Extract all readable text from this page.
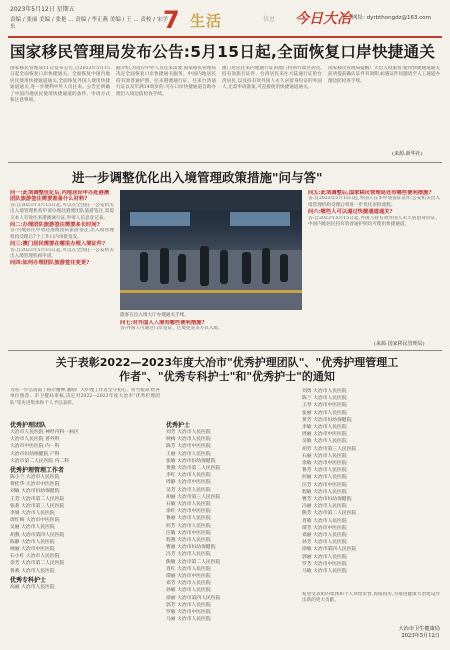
2023年5月12日 星期五
责编 / 张丽 美编 / 张艳 ... 责编 / 李正燕 美编 / 王 ... 责校 / 宋学东	7 生活	信息 今日大冶 网址: dyrbthongdz@163.com
国家移民管理局发布公告:5月15日起,全面恢复口岸快捷通关
国家移民管理局11日发布公告,自2023年5月15日起全面恢复口岸快捷通关。全面恢复中国内地居民使用快捷通道通关,全面恢复外国人使用快捷通道通关,进一步便利中外人员往来。公告还明确了中国内地居民使用快捷通道的条件、申请方式和注意事项。
据介绍,为适应中外人员往来需要,国家移民管理局决定全面恢复口岸快捷通关服务。中国内地居民持有效普通护照、往来港澳通行证、往来台湾通行证以及年满14周岁的,可在口岸快捷通道自助办理出入境边防检查手续。
澳门居民往来内地通行证的澳门特别行政区居民,持有效旅行证件、台湾居民来往大陆通行证的台湾居民,以及持有效外国人永久居留身份证的外国人,无需申请备案,可直接使用快捷通道通关。
国家移民管理局提醒广大出入境旅客,使用快捷通道通关前请提前确认证件有效期,如遇证件问题请至人工通道办理边防检查手续。
(来源:新华社)
进一步调整优化出入境管理政策措施"问与答"
问一:此项调整优化后,内地居民申办赴港澳团队旅游签注需要准备什么材料?
答:自2023年5月15日起,可以在全国任一公安机关出入境管理机构申请办理赴港澳团队旅游签注,需提交本人有效往来港澳通行证,申请人信息登记表。
问二:办理团队旅游签注需要多长时间?
答:内地居民申请赴港澳团队旅游签注,出入境管理机构受理后7个工作日内审批签发。
问三:澳门居民需要在哪里办理入境证件?
答:自2023年5月15日起,可以在全国任一公安机关出入境管理机构申请。
问四:如何办理团队旅游签注变更?
旅客在出入境大厅办理通关手续。
问七:对外国人入境有哪些便利措施?
答:外国人可通过口岸签证、过境免签等方式入境。
问五:此项调整后,国家移民管理局还有哪些便利措施?
答:自2023年5月15日起,外国人在华申请签证证件,公安机关出入境管理机构受理后将进一步优化审批流程。
问六:哪些人可以通过快捷通道通关?
答:自2023年5月15日起,外国人持有效外国人永久居留身份证、中国内地居民持有效普通护照均可使用快捷通道。
(来源:国家移民管理局)
关于表彰2022—2023年度大冶市"优秀护理团队"、"优秀护理管理工作者"、"优秀专科护士"和"优秀护士"的通知
为进一步弘扬南丁格尔精神,激励广大护理工作者坚守初心、担当使命,经各单位推荐、市卫健局审核,决定对2022—2023年度大冶市"优秀护理团队"等先进集体和个人予以表彰。
优秀护理团队
大冶市人民医院 神经内科一病区
大冶市人民医院 普外科
大冶市中医医院 内一科
大冶市妇幼保健院 产科
大冶市第二人民医院 内二科
优秀护理管理工作者
陈小兰 大冶市人民医院
黄桂华 大冶市中医医院
刘敏 大冶市妇幼保健院
王芳 大冶市第二人民医院
张莉 大冶市第三人民医院
李娟 大冶市人民医院
周红梅 大冶市中医医院
吴丽 大冶市人民医院
胡燕 大冶市第四人民医院
陈静 大冶市人民医院
柯丽 大冶市中医医院
石小红 大冶市人民医院
余芳 大冶市第二人民医院
鲁燕 大冶市人民医院
优秀专科护士
高丽 大冶市人民医院
优秀护士
刘芳 大冶市人民医院
柯梅 大冶市人民医院
陈芳 大冶市中医医院
王丽 大冶市人民医院
张敏 大冶市妇幼保健院
黄燕 大冶市第二人民医院
李红 大冶市人民医院
周静 大冶市中医医院
吴芳 大冶市人民医院
胡丽 大冶市第三人民医院
石敏 大冶市人民医院
余红 大冶市中医医院
鲁丽 大冶市人民医院
何芳 大冶市人民医院
汪敏 大冶市中医医院
程燕 大冶市人民医院
曹丽 大冶市妇幼保健院
冯芳 大冶市人民医院
熊敏 大冶市第二人民医院
肖红 大冶市人民医院
谭丽 大冶市中医医院
邓芳 大冶市人民医院
孙敏 大冶市人民医院
徐丽 大冶市第四人民医院
郭芳 大冶市人民医院
罗敏 大冶市中医医院
马丽 大冶市人民医院
刘勇 大冶市人民医院
陈兰 大冶市人民医院
王琴 大冶市中医医院
张丽 大冶市人民医院
黄芳 大冶市妇幼保健院
李敏 大冶市人民医院
周丽 大冶市中医医院
吴敏 大冶市人民医院
胡芳 大冶市第三人民医院
石丽 大冶市人民医院
余敏 大冶市中医医院
鲁芳 大冶市人民医院
何丽 大冶市人民医院
汪芳 大冶市中医医院
程敏 大冶市人民医院
曹芳 大冶市妇幼保健院
冯丽 大冶市人民医院
熊芳 大冶市第二人民医院
肖敏 大冶市人民医院
谭芳 大冶市中医医院
邓丽 大冶市人民医院
孙芳 大冶市人民医院
徐敏 大冶市第四人民医院
郭丽 大冶市人民医院
罗芳 大冶市中医医院
马敏 大冶市人民医院
希望受表彰的集体和个人珍惜荣誉,再接再厉,为推进健康大冶建设作出新的更大贡献。
大冶市卫生健康局
2023年5月12日
